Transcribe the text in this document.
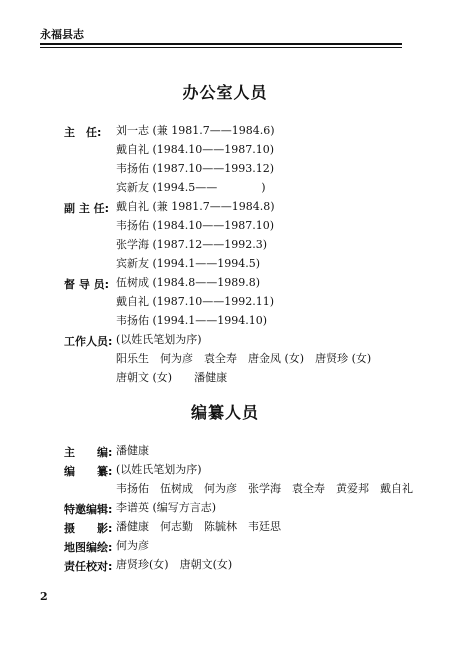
永福县志
办公室人员
主　任: 刘一志 (兼 1981.7——1984.6)
戴自礼 (1984.10——1987.10)
韦扬佑 (1987.10——1993.12)
宾新友 (1994.5——　　　　)
副 主 任: 戴自礼 (兼 1981.7——1984.8)
韦扬佑 (1984.10——1987.10)
张学海 (1987.12——1992.3)
宾新友 (1994.1——1994.5)
督 导 员: 伍树成 (1984.8——1989.8)
戴自礼 (1987.10——1992.11)
韦扬佑 (1994.1——1994.10)
工作人员: (以姓氏笔划为序)
阳乐生　何为彦　袁全寿　唐金凤 (女)　唐贤珍 (女)
唐朝文 (女)　　潘健康
编纂人员
主　　编: 潘健康
编　　纂: (以姓氏笔划为序)
韦扬佑　伍树成　何为彦　张学海　袁全寿　黄爱邦　戴自礼
特邀编辑: 李谱英 (编写方言志)
摄　　影: 潘健康　何志勤　陈毓林　韦廷思
地图编绘: 何为彦
责任校对: 唐贤珍(女)　唐朝文(女)
2
